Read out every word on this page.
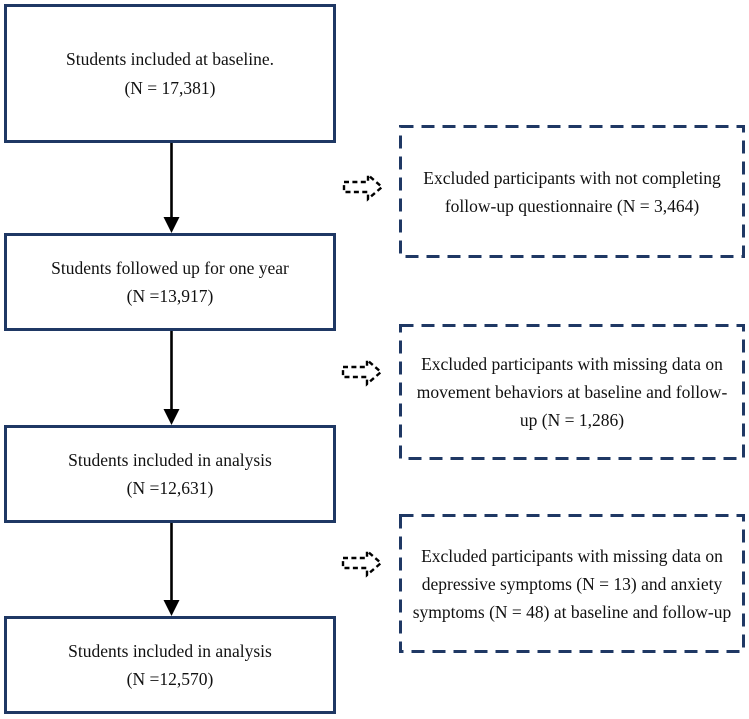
Students included at baseline.
(N = 17,381)
Students followed up for one year
(N =13,917)
Students included in analysis
(N =12,631)
Students included in analysis
(N =12,570)
Excluded participants with not completing follow-up questionnaire (N = 3,464)
Excluded participants with missing data on movement behaviors at baseline and follow-up (N = 1,286)
Excluded participants with missing data on depressive symptoms (N = 13) and anxiety symptoms (N = 48) at baseline and follow-up
